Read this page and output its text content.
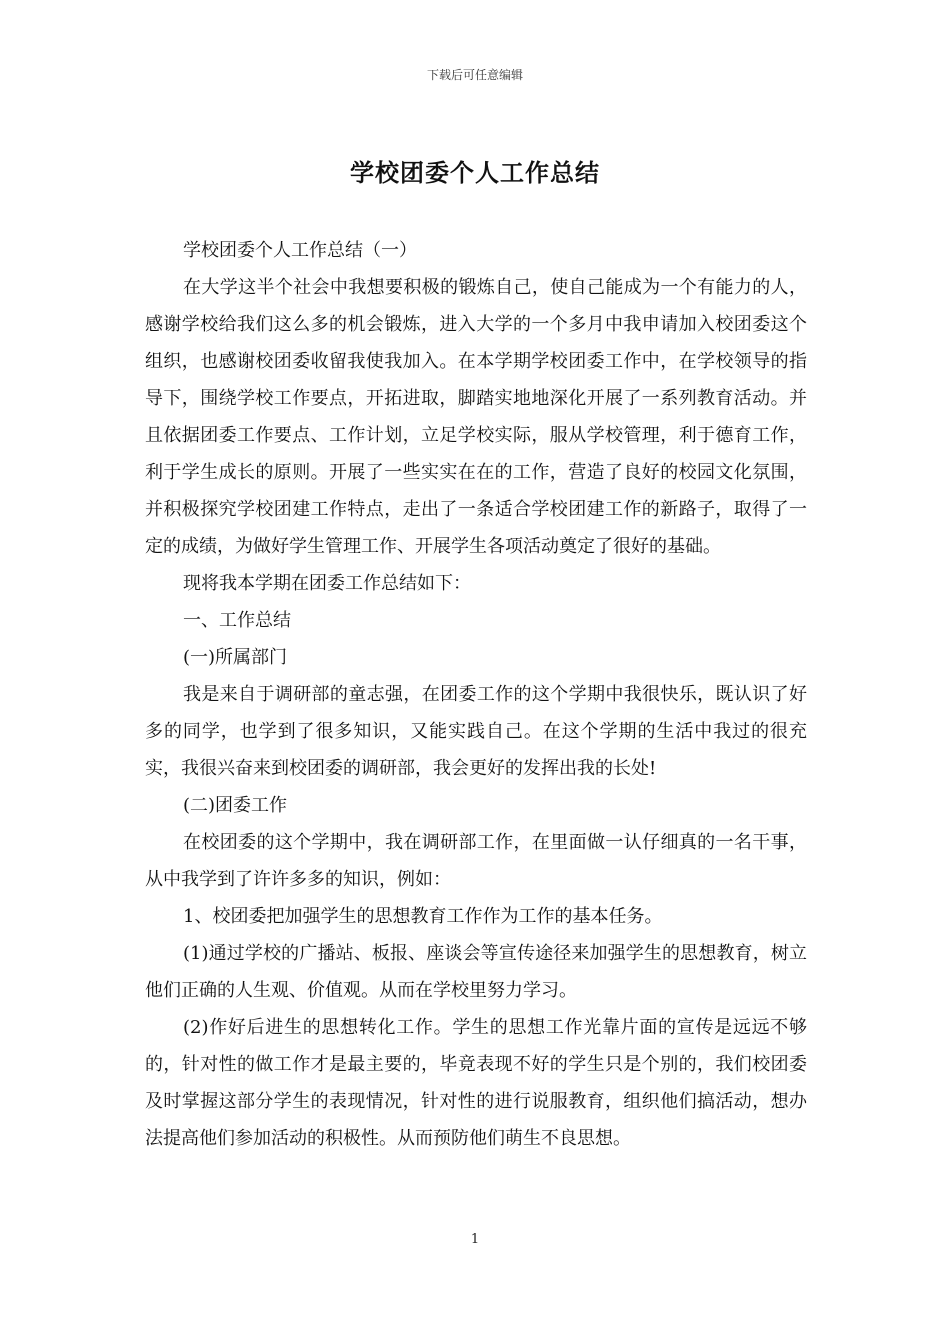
下载后可任意编辑
学校团委个人工作总结

学校团委个人工作总结（一）

在大学这半个社会中我想要积极的锻炼自己，使自己能成为一个有能力的人，感谢学校给我们这么多的机会锻炼，进入大学的一个多月中我申请加入校团委这个组织，也感谢校团委收留我使我加入。在本学期学校团委工作中，在学校领导的指导下，围绕学校工作要点，开拓进取，脚踏实地地深化开展了一系列教育活动。并且依据团委工作要点、工作计划，立足学校实际，服从学校管理，利于德育工作，利于学生成长的原则。开展了一些实实在在的工作，营造了良好的校园文化氛围，并积极探究学校团建工作特点，走出了一条适合学校团建工作的新路子，取得了一定的成绩，为做好学生管理工作、开展学生各项活动奠定了很好的基础。

现将我本学期在团委工作总结如下：

一、工作总结

(一)所属部门

我是来自于调研部的童志强，在团委工作的这个学期中我很快乐，既认识了好多的同学，也学到了很多知识，又能实践自己。在这个学期的生活中我过的很充实，我很兴奋来到校团委的调研部，我会更好的发挥出我的长处!

(二)团委工作

在校团委的这个学期中，我在调研部工作，在里面做一认仔细真的一名干事，从中我学到了许许多多的知识，例如：

1、校团委把加强学生的思想教育工作作为工作的基本任务。

(1)通过学校的广播站、板报、座谈会等宣传途径来加强学生的思想教育，树立他们正确的人生观、价值观。从而在学校里努力学习。

(2)作好后进生的思想转化工作。学生的思想工作光靠片面的宣传是远远不够的，针对性的做工作才是最主要的，毕竟表现不好的学生只是个别的，我们校团委及时掌握这部分学生的表现情况，针对性的进行说服教育，组织他们搞活动，想办法提高他们参加活动的积极性。从而预防他们萌生不良思想。

1
